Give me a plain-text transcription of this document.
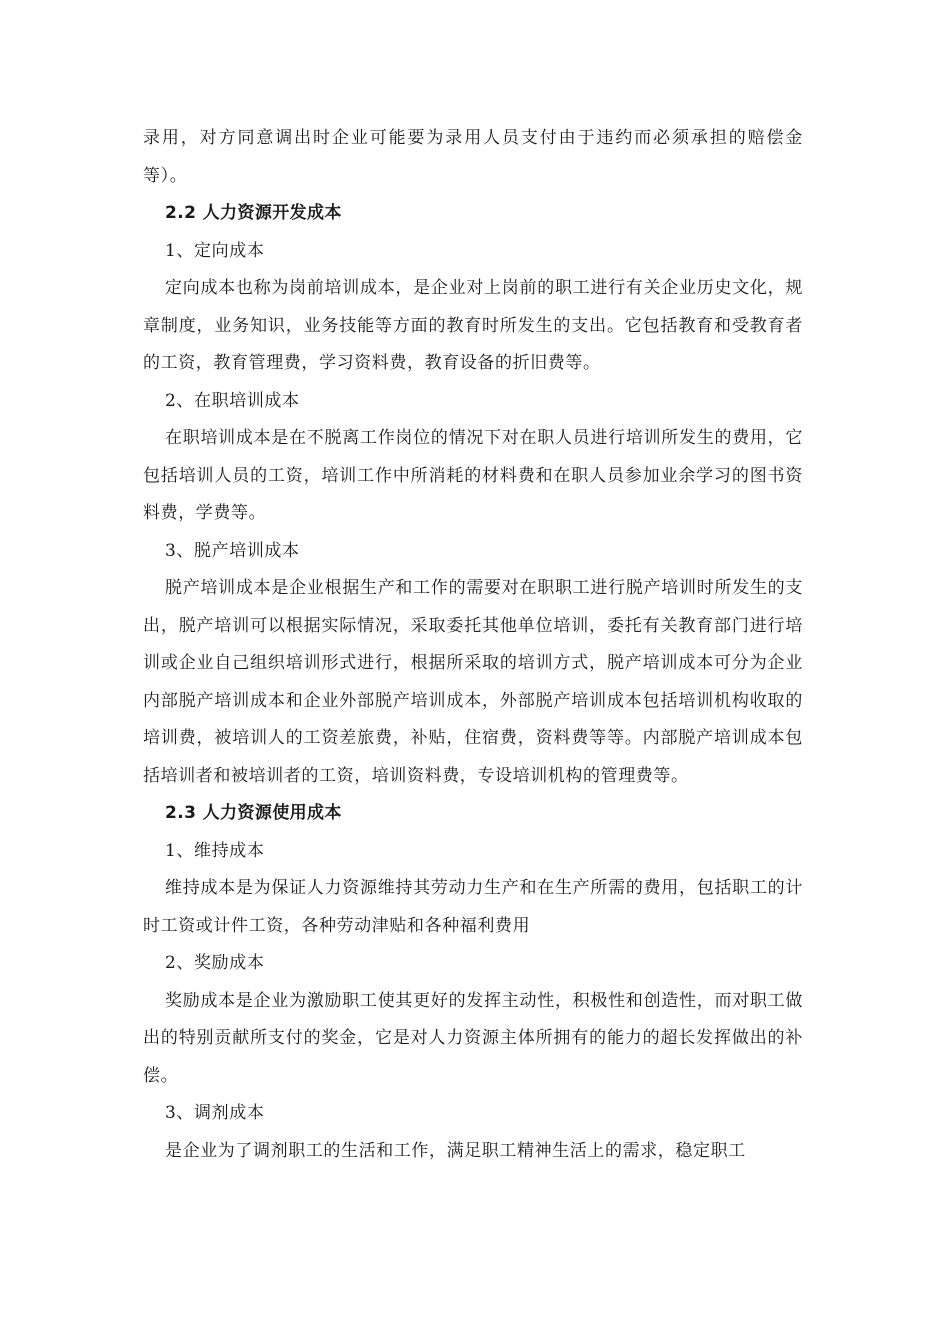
录用，对方同意调出时企业可能要为录用人员支付由于违约而必须承担的赔偿金等）。

2.2 人力资源开发成本

1、定向成本

定向成本也称为岗前培训成本，是企业对上岗前的职工进行有关企业历史文化，规章制度，业务知识，业务技能等方面的教育时所发生的支出。它包括教育和受教育者的工资，教育管理费，学习资料费，教育设备的折旧费等。

2、在职培训成本

在职培训成本是在不脱离工作岗位的情况下对在职人员进行培训所发生的费用，它包括培训人员的工资，培训工作中所消耗的材料费和在职人员参加业余学习的图书资料费，学费等。

3、脱产培训成本

脱产培训成本是企业根据生产和工作的需要对在职职工进行脱产培训时所发生的支出，脱产培训可以根据实际情况，采取委托其他单位培训，委托有关教育部门进行培训或企业自己组织培训形式进行，根据所采取的培训方式，脱产培训成本可分为企业内部脱产培训成本和企业外部脱产培训成本，外部脱产培训成本包括培训机构收取的培训费，被培训人的工资差旅费，补贴，住宿费，资料费等等。内部脱产培训成本包括培训者和被培训者的工资，培训资料费，专设培训机构的管理费等。

2.3 人力资源使用成本

1、维持成本

维持成本是为保证人力资源维持其劳动力生产和在生产所需的费用，包括职工的计时工资或计件工资，各种劳动津贴和各种福利费用

2、奖励成本

奖励成本是企业为激励职工使其更好的发挥主动性，积极性和创造性，而对职工做出的特别贡献所支付的奖金，它是对人力资源主体所拥有的能力的超长发挥做出的补偿。

3、调剂成本

是企业为了调剂职工的生活和工作，满足职工精神生活上的需求，稳定职工
